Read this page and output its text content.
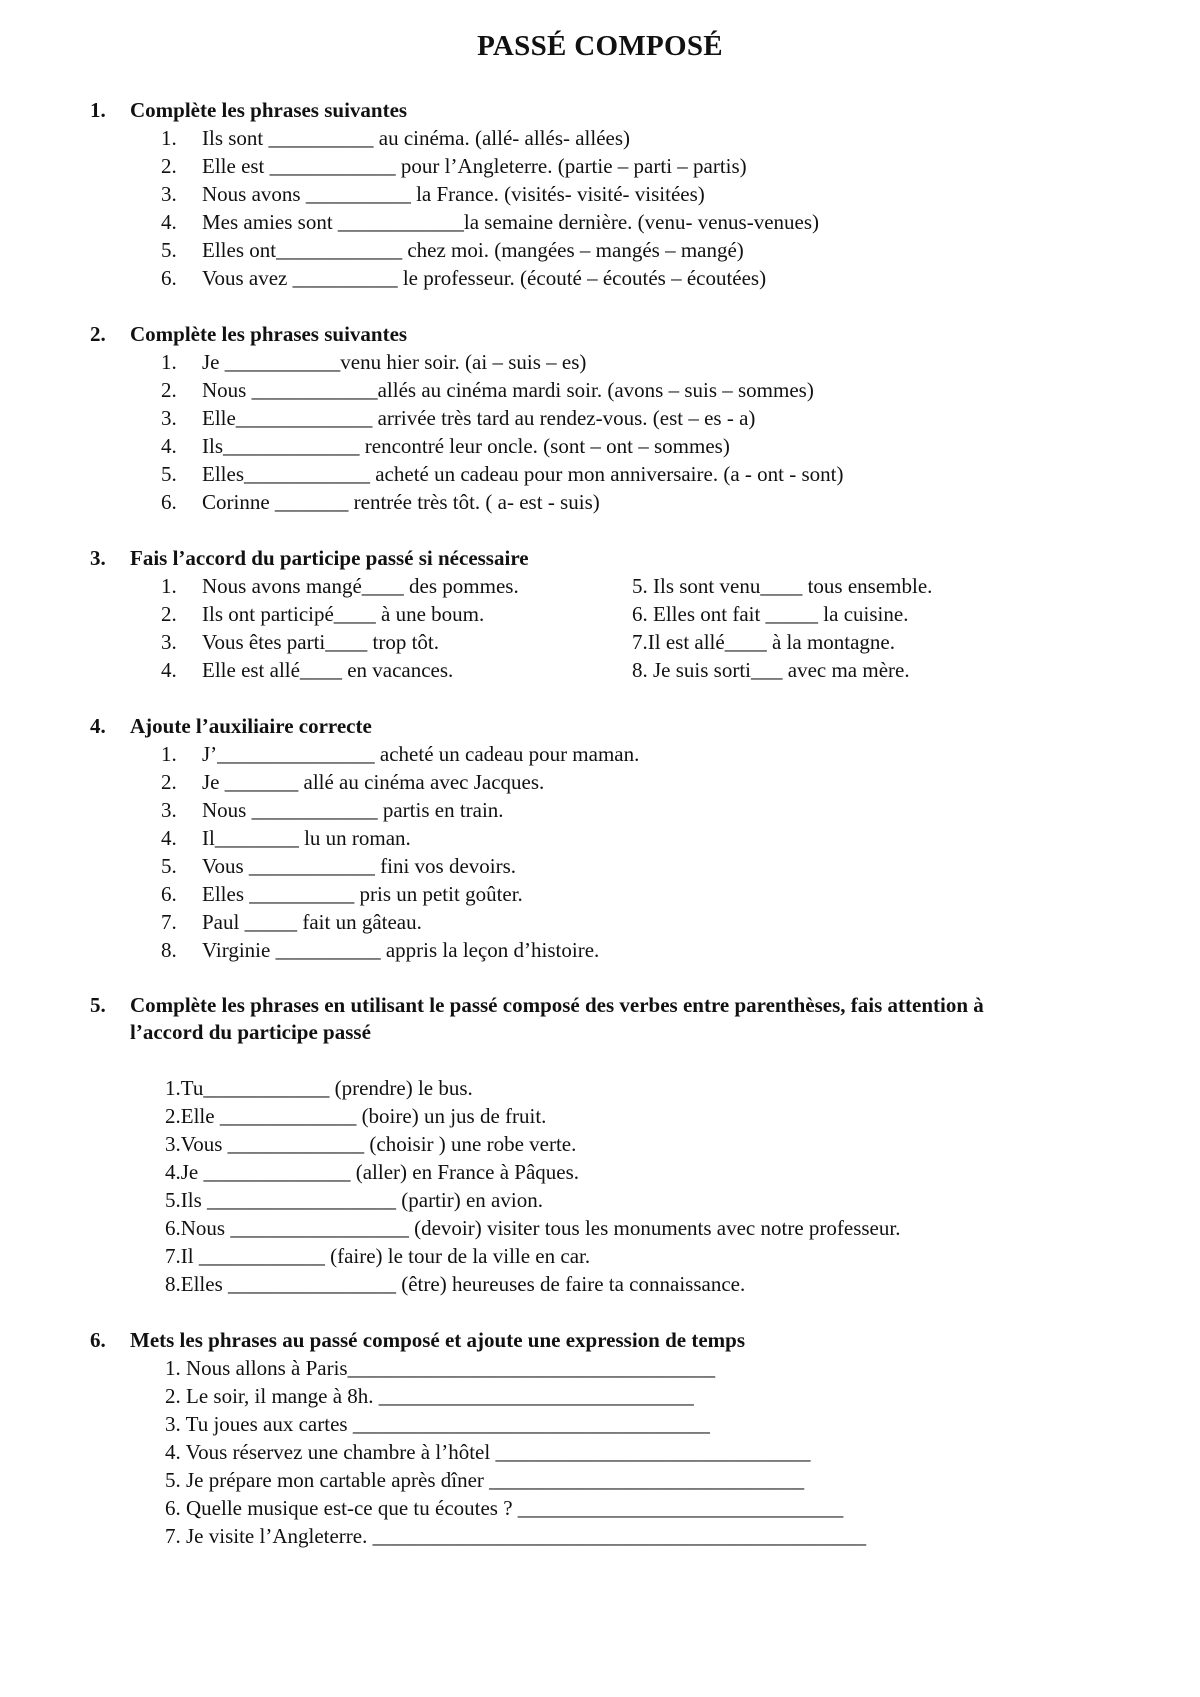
PASSÉ COMPOSÉ
1. Complète les phrases suivantes
1. Ils sont __________ au cinéma. (allé- allés- allées)

2. Elle est ____________ pour l’Angleterre. (partie – parti – partis)

3. Nous avons __________ la France. (visités- visité- visitées)

4. Mes amies sont ____________la semaine dernière. (venu- venus-venues)

5. Elles ont____________ chez moi. (mangées – mangés – mangé)

6. Vous avez __________ le professeur. (écouté – écoutés – écoutées)

2. Complète les phrases suivantes
1. Je ___________venu hier soir. (ai – suis – es)

2. Nous ____________allés au cinéma mardi soir. (avons – suis – sommes)

3. Elle_____________ arrivée très tard au rendez-vous. (est – es - a)

4. Ils_____________ rencontré leur oncle. (sont – ont – sommes)

5. Elles____________ acheté un cadeau pour mon anniversaire. (a - ont - sont)

6. Corinne _______ rentrée très tôt. ( a- est - suis)

3. Fais l’accord du participe passé si nécessaire
1. Nous avons mangé____ des pommes.

2. Ils ont participé____ à une boum.

3. Vous êtes parti____ trop tôt.

4. Elle est allé____ en vacances.

5. Ils sont venu____ tous ensemble.
6. Elles ont fait _____ la cuisine.
7.Il est allé____ à la montagne.
8. Je suis sorti___ avec ma mère.
4. Ajoute l’auxiliaire correcte
1. J’_______________ acheté un cadeau pour maman.

2. Je _______ allé au cinéma avec Jacques.

3. Nous ____________ partis en train.

4. Il________ lu un roman.

5. Vous ____________ fini vos devoirs.

6. Elles __________ pris un petit goûter.

7. Paul _____ fait un gâteau.

8. Virginie __________ appris la leçon d’histoire.

5. Complète les phrases en utilisant le passé composé des verbes entre parenthèses, fais attention à
l’accord du participe passé
1.Tu____________ (prendre) le bus.
2.Elle _____________ (boire) un jus de fruit.
3.Vous _____________ (choisir ) une robe verte.
4.Je ______________ (aller) en France à Pâques.
5.Ils __________________ (partir) en avion.
6.Nous _________________ (devoir) visiter tous les monuments avec notre professeur.
7.Il ____________ (faire) le tour de la ville en car.
8.Elles ________________ (être) heureuses de faire ta connaissance.
6. Mets les phrases au passé composé et ajoute une expression de temps
1. Nous allons à Paris___________________________________
2. Le soir, il mange à 8h. ______________________________
3. Tu joues aux cartes __________________________________
4. Vous réservez une chambre à l’hôtel ______________________________
5. Je prépare mon cartable après dîner ______________________________
6. Quelle musique est-ce que tu écoutes ? _______________________________
7. Je visite l’Angleterre. _______________________________________________
